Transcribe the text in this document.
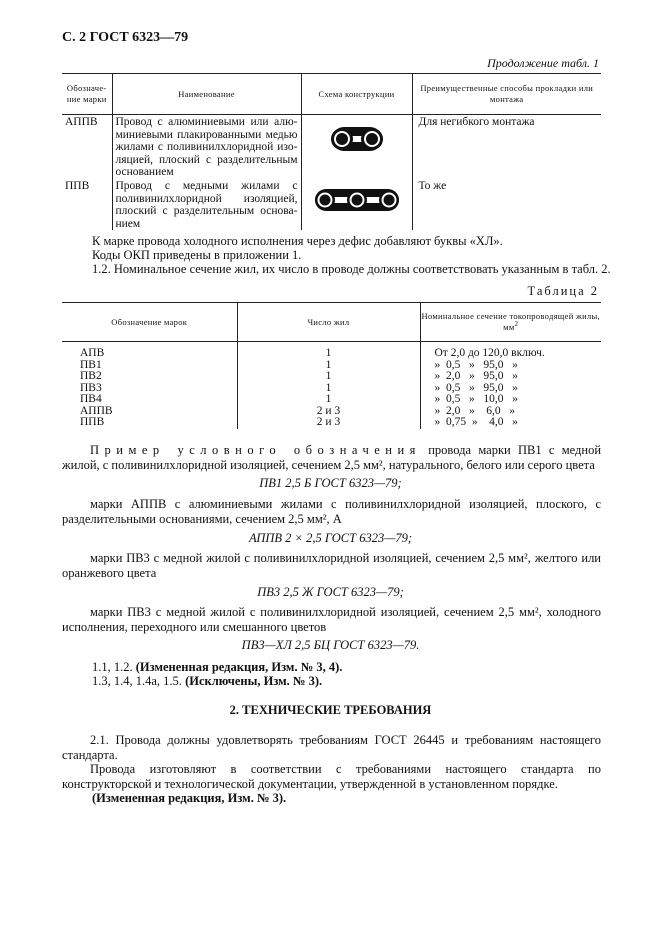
С. 2 ГОСТ 6323—79
Продолжение табл. 1
Обозначе-ние марки	Наименование	Схема конструкции	Преимущественные способы прокладки или монтажа
АППВ	Провод с алюминиевыми или алю-миниевыми плакированными медью жилами с поливинилхлоридной изо-ляцией, плоский с разделительным основанием		Для негибкого монтажа
ППВ	Провод с медными жилами с поливинилхлоридной изоляцией, плоский с разделительным основа-нием		То же
К марке провода холодного исполнения через дефис добавляют буквы «ХЛ».
Коды ОКП приведены в приложении 1.
1.2. Номинальное сечение жил, их число в проводе должны соответствовать указанным в табл. 2.
Таблица 2
Обозначение марок	Число жил	Номинальное сечение токопроводящей жилы, $мм^2$

АПВ	1	От 2,0 до 120,0 включ.
ПВ1	1	»  0,5   »   95,0   »
ПВ2	1	»  2,0   »   95,0   »
ПВ3	1	»  0,5   »   95,0   »
ПВ4	1	»  0,5   »   10,0   »
АППВ	2 и 3	»  2,0   »    6,0   »
ППВ	2 и 3	»  0,75  »    4,0   »
Пример условного обозначения провода марки ПВ1 с медной жилой, с поливинилхлоридной изоляцией, сечением 2,5 мм², натурального, белого или серого цвета
ПВ1 2,5 Б ГОСТ 6323—79;
марки АППВ с алюминиевыми жилами с поливинилхлоридной изоляцией, плоского, с разделительными основаниями, сечением 2,5 мм², А
АППВ 2 × 2,5 ГОСТ 6323—79;
марки ПВ3 с медной жилой с поливинилхлоридной изоляцией, сечением 2,5 мм², желтого или оранжевого цвета
ПВ3 2,5 Ж ГОСТ 6323—79;
марки ПВ3 с медной жилой с поливинилхлоридной изоляцией, сечением 2,5 мм², холодного исполнения, переходного или смешанного цветов
ПВ3—ХЛ 2,5 БЦ ГОСТ 6323—79.
1.1, 1.2. (Измененная редакция, Изм. № 3, 4).
1.3, 1.4, 1.4а, 1.5. (Исключены, Изм. № 3).
2. ТЕХНИЧЕСКИЕ ТРЕБОВАНИЯ
2.1. Провода должны удовлетворять требованиям ГОСТ 26445 и требованиям настоящего стандарта.
Провода изготовляют в соответствии с требованиями настоящего стандарта по конструкторской и технологической документации, утвержденной в установленном порядке.
(Измененная редакция, Изм. № 3).
